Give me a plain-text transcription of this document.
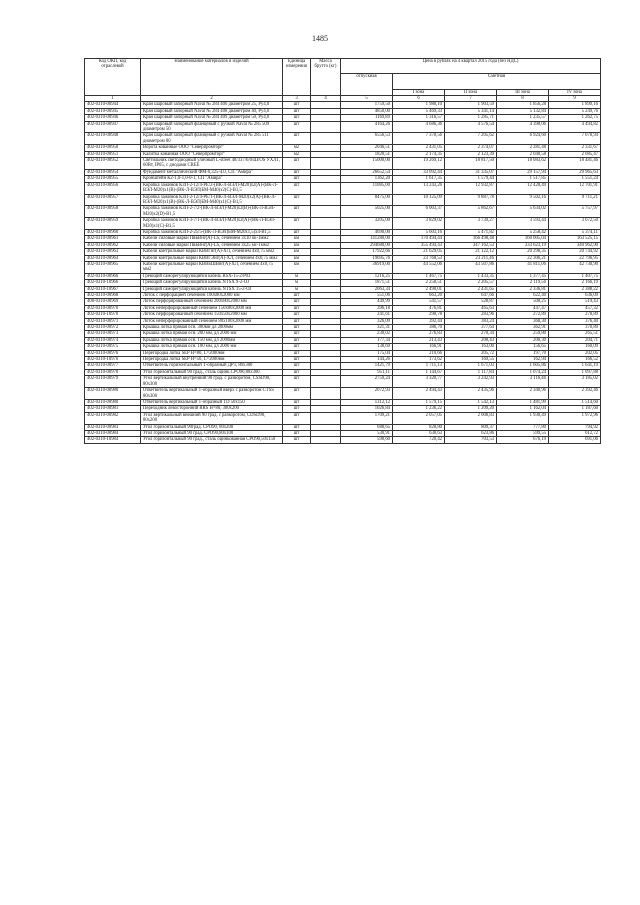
1485
Код ОКП, код отраслевой	Наименование материалов и изделий	Единица измерения	Масса брутто (кг)	Цена в рублях на 4 квартал 2015 года (без НДС)				
				отпускная	Сметная			
					I зона	II зона	III зона	IV зона
1	2	3	4	5	6	7	8	9
402-0310-00944	Кран шаровый запорный Naval № 284 406 диаметром 25, Ру4,0	шт		1759,50	1 980,10	1 903,59	1 856,28	1 899,16
402-0310-00945	Кран шаровый запорный Naval № 284 408 диаметром 40, Ру4,0	шт		4850,00	5 469,33	5 341,14	5 132,84	5 249,76
402-0310-00946	Кран шаровый запорный Naval № 284 409 диаметром 50, Ру4,0	шт		1169,89	1 316,57	1 285,71	1 235,57	1 262,75
402-0310-00947	Кран шаровый запорный фланцевый с ручкой Naval № 285 509 диаметром 50	шт		4164,26	4 686,36	4 576,54	4 398,06	4 494,82
402-0310-00948	Кран шаровый запорный фланцевый с ручкой Naval № 285 511 диаметром 80	шт		6556,53	7 378,56	7 205,62	6 924,60	7 078,94
402-0310-00950	Ворота кованные ООО "Северпромторг"	м2		2046,51	2 431,05	2 374,07	2 281,48	2 331,67
402-0310-00951	Калитка кованная ООО "Северпромторг"	м2		1820,51	2 174,35	2 123,39	2 040,58	2 085,47
402-0310-00952	Светильник светодиодный уличный L-street 48/337/6/0/Ш/OS УХЛ1, 60Вт, IP65, с диодами CREE	шт		15000,00	19 269,12	18 817,50	18 083,62	18 481,46
402-0310-00954	Фундамент металлический ФМ-0,325-4.0, СП "Амира"	шт		26652,54	33 092,44	31 335,07	29 157,94	29 965,63
402-0310-00955	Кронштейн К2-1,0-1,0-0-1, СП "Амира"	шт		1362,20	1 617,35	1 579,44	1 517,85	1 551,24
402-0310-00956	Коробка зажимов КЗП-2-12/4-PE/2-(ВК-Л-ВЭЛ)-М20)х2(А)-(ВК-Л-ВЭЛ-М20)х1(В)-(ВК-Л-ВЭЛ)БМ-М40)х2(С)-В1,5	шт		11085,00	13 243,26	12 932,87	12 428,49	12 701,91
402-0310-00957	Коробка зажимов КЗП-2-12/4-PE/1-(ВК-Л-ВЭЛ-М20)х2(А)-(ВК-Л-ВЭЛ-М20)х1(В)-(ВК-Л-ВЭЛ)БМ-М40)х1(С)-В1,5	шт		8475,00	10 125,09	9 887,78	9 502,16	9 711,21
402-0310-00958	Коробка зажимов КЗП-2-7/2-(ВК-Л-ВЭЛ)-М20)х2(В)-(ВК-Л-ВЭЛ-М20)х2(D)-В1,5	шт		5025,00	6 003,37	5 862,67	5 634,02	5 757,97
402-0310-00959	Коробка зажимов КЗП-3-7/1-(ВК-Л-ВЭЛ)-М20)х2(А)-(ВК-Л-ВЭЛ-М20)х1(С)-В1,5	шт		3205,00	3 829,02	3 739,27	3 593,44	3 672,50
402-0310-00960	Коробка зажимов КЗП-2-25/5-(ВК-Л-ВЭЛ)БМ-М20х1,5)х4-В1,5	шт		4690,00	5 603,16	5 471,82	5 258,42	5 374,11
402-0310-00961	Кабели силовые марки ПвБВнг(А)-LS, сечением 3х10 ок-1мм2	км		141280,00	170 494,44	166 498,48	160 005,04	163 525,15
402-0310-00962	Кабели силовые марки ПвБВнг(А)-LS, сечением 3х25 мс-1мм2	км		294680,00	355 494,43	347 162,53	333 623,19	340 962,90
402-0310-00963	Кабели контрольные марки КВВГнг(А)-ХЛ, сечением 4х0,75 мм2	км		17922,66	21 629,05	21 122,12	20 298,35	20 744,92
402-0310-00964	Кабели контрольные марки КВВГЭнг(А)-ХЛ, сечением 4х0,75 мм2	км		19695,76	23 768,53	23 211,46	22 306,21	22 796,95
402-0310-00965	Кабели контрольные марки КВВБШВнг(А)-ХЛ, сечением 4х0,75 мм2	км		36919,00	44 552,06	43 507,86	41 811,06	42 730,90
402-0310-00966	Греющий саморегулирующийся кабель RSX-15-2/Р03	м		1216,25	1 467,75	1 433,35	1 377,45	1 407,75
402-0310-10966	Греющий саморегулирующийся кабель NTSX 9-2-OJ	м		1871,51	2 258,51	2 205,57	2 119,56	2 166,19
402-0310-10967	Греющий саморегулирующийся кабель NTSX 15-2-OJ	м		2063,34	2 490,01	2 431,65	2 336,81	2 388,22
402-0310-00968	Лоток с перфорацией сечением 100х80х2000 мм	шт		551,06	663,20	647,66	622,40	636,09
400-0310-00969	Лоток перфорированный сечением 200х80х2000 мм	шт		449,99	541,57	528,87	508,25	519,43
402-0310-00970	Лоток неперфорированный сечением 150х80х2000 мм	шт		396,18	476,81	465,63	447,47	457,32
402-0310-10970	Лоток перфорированный сечением 150х50х2000 мм	шт		241,61	290,78	283,96	272,89	278,89
402-0310-00971	Лоток неперфорированный сечением 80х100х2000 мм	шт		326,09	392,44	383,24	368,30	376,40
402-0310-00972	Крышка лотка прямая осн. 300мм дл 2000мм	шт		321,31	386,70	377,64	362,91	370,89
402-0310-00973	Крышка лотка прямая осн. 200 мм, дл 2000 мм	шт		230,02	276,83	270,34	259,80	265,51
402-0310-00974	Крышка лотка прямая осн. 150 мм, дл 2000мм	шт		177,34	213,43	208,43	200,30	204,71
402-0310-00975	Крышка лотка прямая осн. 100 мм, дл 2000 мм	шт		138,69	166,91	163,00	156,65	160,09
402-0310-00976	Перегородка лотка SEP Н=80, L=2000мм	шт		175,04	210,66	205,72	197,70	202,05
402-0310-10976	Перегородка лотка SEP Н=50, L=2000мм	шт		144,26	173,62	169,55	162,94	166,52
402-0310-00977	Ответвитель горизонтальный Т-образный ДРТ, 80х300	шт		1421,79	1 711,13	1 671,03	1 605,86	1 641,19
402-0310-00978	Угол горизонтальный 90 град., сталь оцинк.CPO90,80х300	шт		951,11	1 144,67	1 117,84	1 074,24	1 097,88
402-0310-00979	Угол вертикальный внутренний 90 град. с разворотом, CSSD90, 80х300	шт		2759,24	3 320,77	3 242,93	3 116,46	3 185,02
402-0310-00980	Ответвитель вертикальный Т-образный вверх с разворотом CTSS 80х300	шт		2072,93	2 494,43	2 435,96	2 340,96	2 392,46
402-0310-00980	Ответвитель вертикальный Т-образный TD 50х150	шт		1312,12	1 579,15	1 542,13	1 481,99	1 514,60
402-0310-00981	Переходник левосторонний RRS Н=80, 300х200	шт		1026,84	1 236,22	1 209,20	1 162,04	1 187,60
402-0310-00982	Угол вертикальный внешний 90 град. с разворотом, CDSD90, 80х200	шт		1709,21	2 057,05	2 008,83	1 930,49	1 972,96
402-0310-00983	Угол горизонтальный 90град. CPO90, 80х200	шт		688,65	828,80	809,37	777,80	794,92
402-0310-00984	Угол горизонтальный 90 град. CPO90,80х100	шт		530,91	638,63	623,86	599,55	612,72
402-0310-10984	Угол горизонтальный 90 град., сталь оцинкованная CPO90,50х150	шт		598,60	720,42	703,53	676,19	691,06
